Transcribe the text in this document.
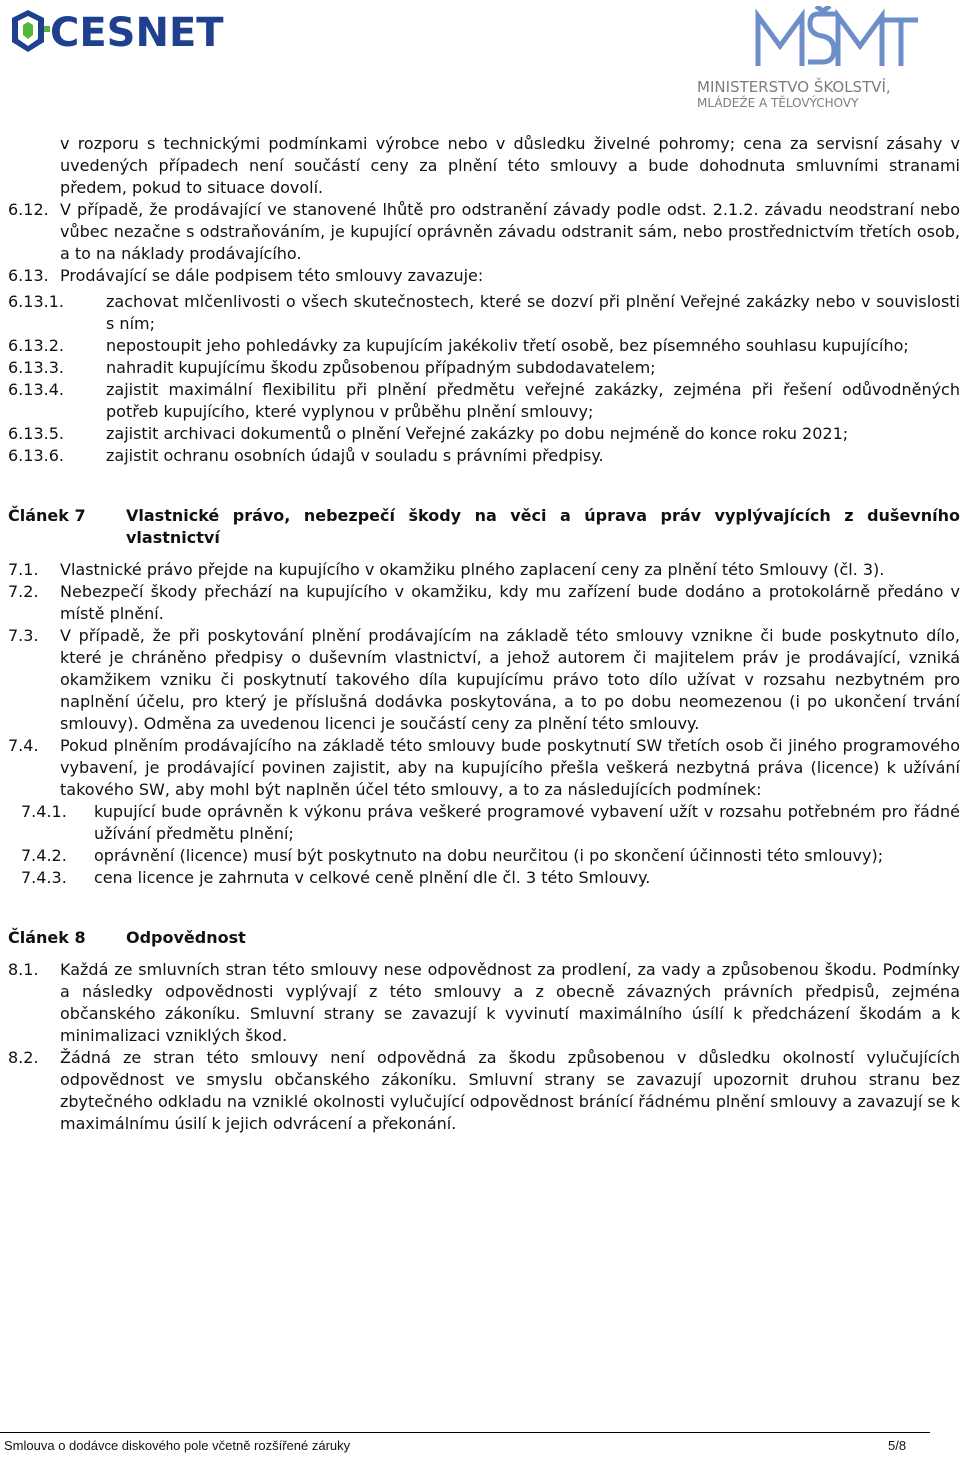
CESNET
MINISTERSTVO ŠKOLSTVÍ,
MLÁDEŽE A TĚLOVÝCHOVY
v rozporu s technickými podmínkami výrobce nebo v důsledku živelné pohromy; cena za servisní zásahy v uvedených případech není součástí ceny za plnění této smlouvy a bude dohodnuta smluvními stranami předem, pokud to situace dovolí.
6.12. V případě, že prodávající ve stanovené lhůtě pro odstranění závady podle odst. 2.1.2. závadu neodstraní nebo vůbec nezačne s odstraňováním, je kupující oprávněn závadu odstranit sám, nebo prostřednictvím třetích osob, a to na náklady prodávajícího.
6.13. Prodávající se dále podpisem této smlouvy zavazuje:
6.13.1.	zachovat mlčenlivosti o všech skutečnostech, které se dozví při plnění Veřejné zakázky nebo v souvislosti s ním;
6.13.2.	nepostoupit jeho pohledávky za kupujícím jakékoliv třetí osobě, bez písemného souhlasu kupujícího;
6.13.3.	nahradit kupujícímu škodu způsobenou případným subdodavatelem;
6.13.4.	zajistit maximální flexibilitu při plnění předmětu veřejné zakázky, zejména při řešení odůvodněných potřeb kupujícího, které vyplynou v průběhu plnění smlouvy;
6.13.5.	zajistit archivaci dokumentů o plnění Veřejné zakázky po dobu nejméně do konce roku 2021;
6.13.6.	zajistit ochranu osobních údajů v souladu s právními předpisy.
Článek 7	Vlastnické právo, nebezpečí škody na věci a úprava práv vyplývajících z duševního vlastnictví
7.1.	Vlastnické právo přejde na kupujícího v okamžiku plného zaplacení ceny za plnění této Smlouvy (čl. 3).
7.2.	Nebezpečí škody přechází na kupujícího v okamžiku, kdy mu zařízení bude dodáno a protokolárně předáno v místě plnění.
7.3.	V případě, že při poskytování plnění prodávajícím na základě této smlouvy vznikne či bude poskytnuto dílo, které je chráněno předpisy o duševním vlastnictví, a jehož autorem či majitelem práv je prodávající, vzniká okamžikem vzniku či poskytnutí takového díla kupujícímu právo toto dílo užívat v rozsahu nezbytném pro naplnění účelu, pro který je příslušná dodávka poskytována, a to po dobu neomezenou (i po ukončení trvání smlouvy). Odměna za uvedenou licenci je součástí ceny za plnění této smlouvy.
7.4.	Pokud plněním prodávajícího na základě této smlouvy bude poskytnutí SW třetích osob či jiného programového vybavení, je prodávající povinen zajistit, aby na kupujícího přešla veškerá nezbytná práva (licence) k užívání takového SW, aby mohl být naplněn účel této smlouvy, a to za následujících podmínek:
7.4.1.	kupující bude oprávněn k výkonu práva veškeré programové vybavení užít v rozsahu potřebném pro řádné užívání předmětu plnění;
7.4.2.	oprávnění (licence) musí být poskytnuto na dobu neurčitou (i po skončení účinnosti této smlouvy);
7.4.3.	cena licence je zahrnuta v celkové ceně plnění dle čl. 3 této Smlouvy.
Článek 8	Odpovědnost
8.1.	Každá ze smluvních stran této smlouvy nese odpovědnost za prodlení, za vady a způsobenou škodu. Podmínky a následky odpovědnosti vyplývají z této smlouvy a z obecně závazných právních předpisů, zejména občanského zákoníku. Smluvní strany se zavazují k vyvinutí maximálního úsílí k předcházení škodám a k minimalizaci vzniklých škod.
8.2.	Žádná ze stran této smlouvy není odpovědná za škodu způsobenou v důsledku okolností vylučujících odpovědnost ve smyslu občanského zákoníku. Smluvní strany se zavazují upozornit druhou stranu bez zbytečného odkladu na vzniklé okolnosti vylučující odpovědnost bránící řádnému plnění smlouvy a zavazují se k maximálnímu úsilí k jejich odvrácení a překonání.
Smlouva o dodávce diskového pole včetně rozšířené záruky	5/8
